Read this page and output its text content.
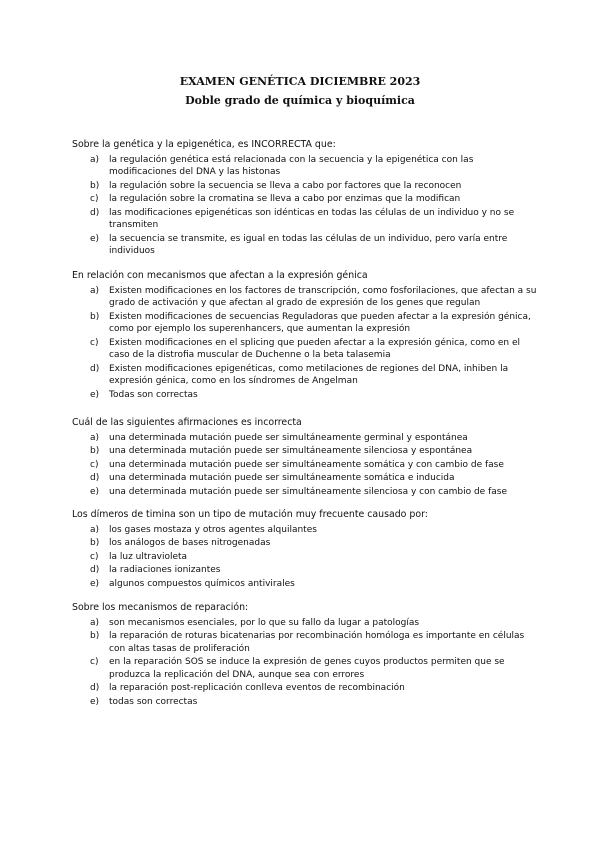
EXAMEN GENÉTICA DICIEMBRE 2023
Doble grado de química y bioquímica

Sobre la genética y la epigenética, es INCORRECTA que:

a) la regulación genética está relacionada con la secuencia y la epigenética con las modificaciones del DNA y las histonas
b) la regulación sobre la secuencia se lleva a cabo por factores que la reconocen
c) la regulación sobre la cromatina se lleva a cabo por enzimas que la modifican
d) las modificaciones epigenéticas son idénticas en todas las células de un individuo y no se transmiten
e) la secuencia se transmite, es igual en todas las células de un individuo, pero varía entre individuos

En relación con mecanismos que afectan a la expresión génica

a) Existen modificaciones en los factores de transcripción, como fosforilaciones, que afectan a su grado de activación y que afectan al grado de expresión de los genes que regulan
b) Existen modificaciones de secuencias Reguladoras que pueden afectar a la expresión génica, como por ejemplo los superenhancers, que aumentan la expresión
c) Existen modificaciones en el splicing que pueden afectar a la expresión génica, como en el caso de la distrofia muscular de Duchenne o la beta talasemia
d) Existen modificaciones epigenéticas, como metilaciones de regiones del DNA, inhiben la expresión génica, como en los síndromes de Angelman
e) Todas son correctas

Cuál de las siguientes afirmaciones es incorrecta

a) una determinada mutación puede ser simultáneamente germinal y espontánea
b) una determinada mutación puede ser simultáneamente silenciosa y espontánea
c) una determinada mutación puede ser simultáneamente somática y con cambio de fase
d) una determinada mutación puede ser simultáneamente somática e inducida
e) una determinada mutación puede ser simultáneamente silenciosa y con cambio de fase

Los dímeros de timina son un tipo de mutación muy frecuente causado por:

a) los gases mostaza y otros agentes alquilantes
b) los análogos de bases nitrogenadas
c) la luz ultravioleta
d) la radiaciones ionizantes
e) algunos compuestos químicos antivirales

Sobre los mecanismos de reparación:

a) son mecanismos esenciales, por lo que su fallo da lugar a patologías
b) la reparación de roturas bicatenarias por recombinación homóloga es importante en células con altas tasas de proliferación
c) en la reparación SOS se induce la expresión de genes cuyos productos permiten que se produzca la replicación del DNA, aunque sea con errores
d) la reparación post-replicación conlleva eventos de recombinación
e) todas son correctas
